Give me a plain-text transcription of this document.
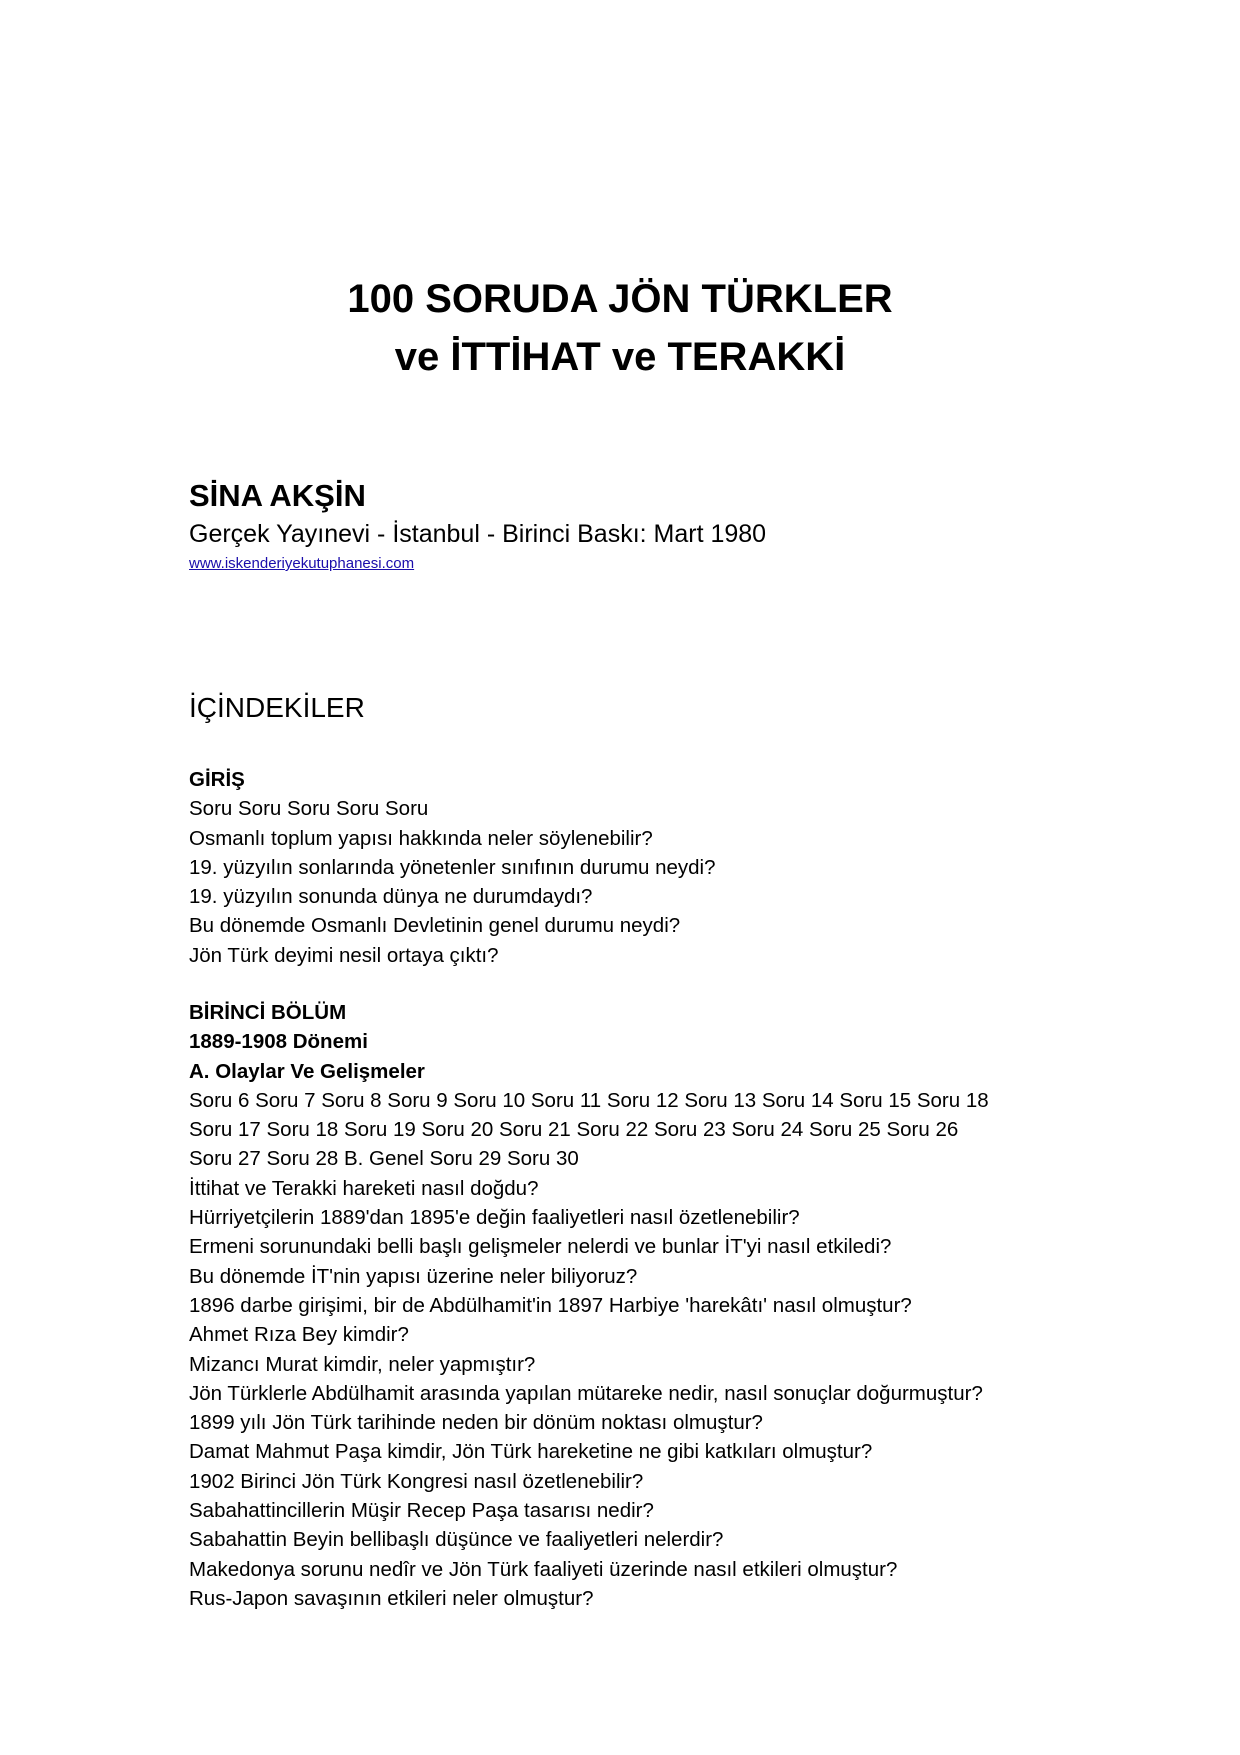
100 SORUDA JÖN TÜRKLER
ve İTTİHAT ve TERAKKİ
SİNA AKŞİN
Gerçek Yayınevi - İstanbul - Birinci Baskı: Mart 1980
www.iskenderiyekutuphanesi.com
İÇİNDEKİLER
GİRİŞ
Soru Soru Soru Soru Soru
Osmanlı toplum yapısı hakkında neler söylenebilir?
19. yüzyılın sonlarında yönetenler sınıfının durumu neydi?
19. yüzyılın sonunda dünya ne durumdaydı?
Bu dönemde Osmanlı Devletinin genel durumu neydi?
Jön Türk deyimi nesil ortaya çıktı?
BİRİNCİ BÖLÜM
1889-1908 Dönemi
A. Olaylar Ve Gelişmeler
Soru 6 Soru 7 Soru 8 Soru 9 Soru 10 Soru 11 Soru 12 Soru 13 Soru 14 Soru 15 Soru 18
Soru 17 Soru 18 Soru 19 Soru 20 Soru 21 Soru 22 Soru 23 Soru 24 Soru 25 Soru 26
Soru 27 Soru 28 B. Genel Soru 29 Soru 30
İttihat ve Terakki hareketi nasıl doğdu?
Hürriyetçilerin 1889'dan 1895'e değin faaliyetleri nasıl özetlenebilir?
Ermeni sorunundaki belli başlı gelişmeler nelerdi ve bunlar İT'yi nasıl etkiledi?
Bu dönemde İT'nin yapısı üzerine neler biliyoruz?
1896 darbe girişimi, bir de Abdülhamit'in 1897 Harbiye 'harekâtı' nasıl olmuştur?
Ahmet Rıza Bey kimdir?
Mizancı Murat kimdir, neler yapmıştır?
Jön Türklerle Abdülhamit arasında yapılan mütareke nedir, nasıl sonuçlar doğurmuştur?
1899 yılı Jön Türk tarihinde neden bir dönüm noktası olmuştur?
Damat Mahmut Paşa kimdir, Jön Türk hareketine ne gibi katkıları olmuştur?
1902 Birinci Jön Türk Kongresi nasıl özetlenebilir?
Sabahattincillerin Müşir Recep Paşa tasarısı nedir?
Sabahattin Beyin bellibaşlı düşünce ve faaliyetleri nelerdir?
Makedonya sorunu nedîr ve Jön Türk faaliyeti üzerinde nasıl etkileri olmuştur?
Rus-Japon savaşının etkileri neler olmuştur?
